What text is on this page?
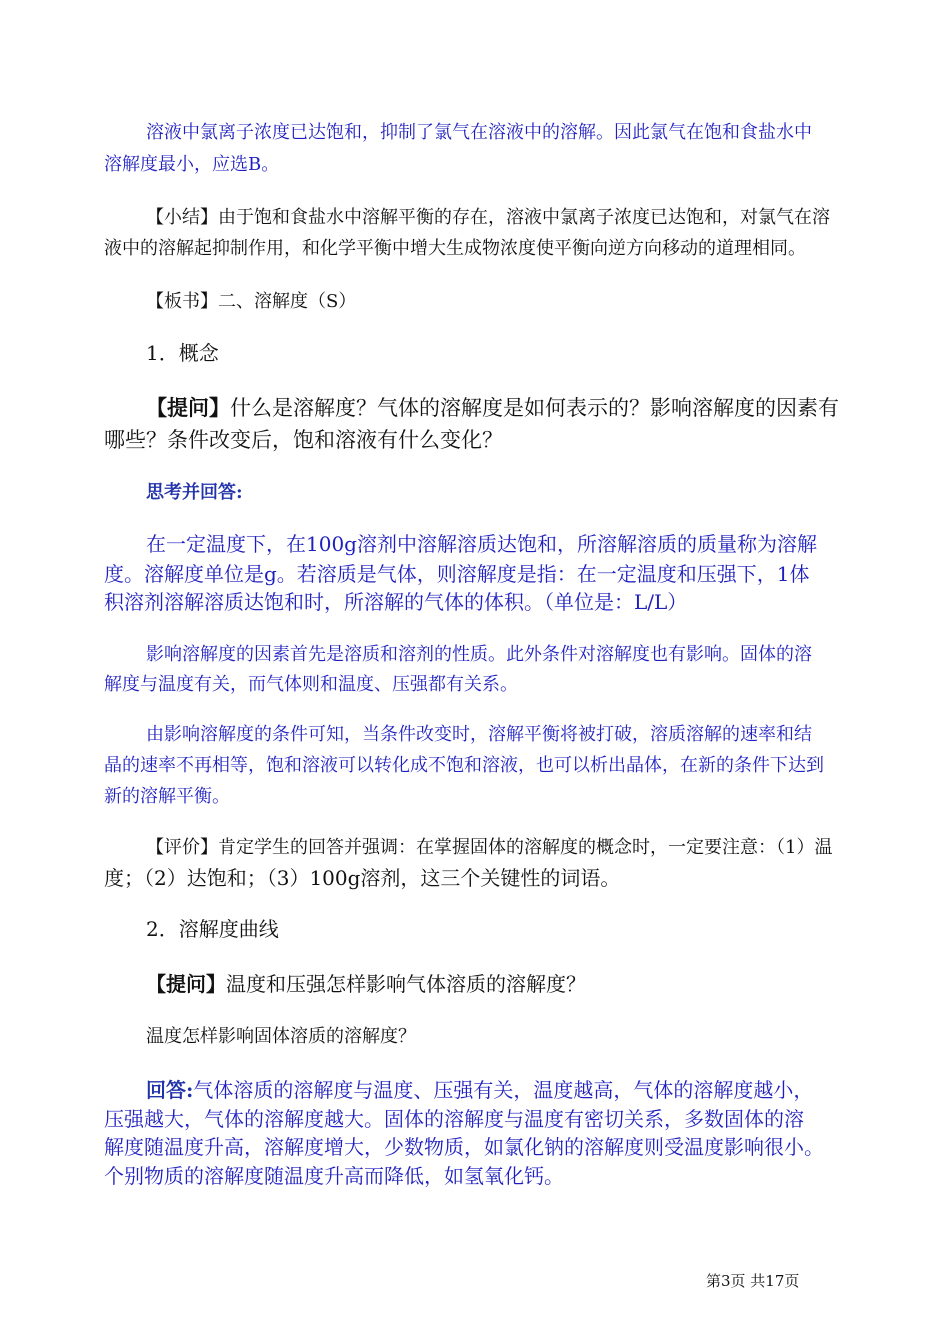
溶液中氯离子浓度已达饱和，抑制了氯气在溶液中的溶解。因此氯气在饱和食盐水中
溶解度最小，应选B。
【小结】由于饱和食盐水中溶解平衡的存在，溶液中氯离子浓度已达饱和，对氯气在溶
液中的溶解起抑制作用，和化学平衡中增大生成物浓度使平衡向逆方向移动的道理相同。
【板书】二、溶解度（S）
1．概念
【提问】什么是溶解度？气体的溶解度是如何表示的？影响溶解度的因素有
哪些？条件改变后，饱和溶液有什么变化？
思考并回答:
在一定温度下，在100g溶剂中溶解溶质达饱和，所溶解溶质的质量称为溶解
度。溶解度单位是g。若溶质是气体，则溶解度是指：在一定温度和压强下，1体
积溶剂溶解溶质达饱和时，所溶解的气体的体积。（单位是：L/L）
影响溶解度的因素首先是溶质和溶剂的性质。此外条件对溶解度也有影响。固体的溶
解度与温度有关，而气体则和温度、压强都有关系。
由影响溶解度的条件可知，当条件改变时，溶解平衡将被打破，溶质溶解的速率和结
晶的速率不再相等，饱和溶液可以转化成不饱和溶液，也可以析出晶体，在新的条件下达到
新的溶解平衡。
【评价】肯定学生的回答并强调：在掌握固体的溶解度的概念时，一定要注意：（1）温
度；（2）达饱和；（3）100g溶剂，这三个关键性的词语。
2．溶解度曲线
【提问】温度和压强怎样影响气体溶质的溶解度？
温度怎样影响固体溶质的溶解度？
回答:气体溶质的溶解度与温度、压强有关，温度越高，气体的溶解度越小，
压强越大，气体的溶解度越大。固体的溶解度与温度有密切关系，多数固体的溶
解度随温度升高，溶解度增大，少数物质，如氯化钠的溶解度则受温度影响很小。
个别物质的溶解度随温度升高而降低，如氢氧化钙。
第3页 共17页
